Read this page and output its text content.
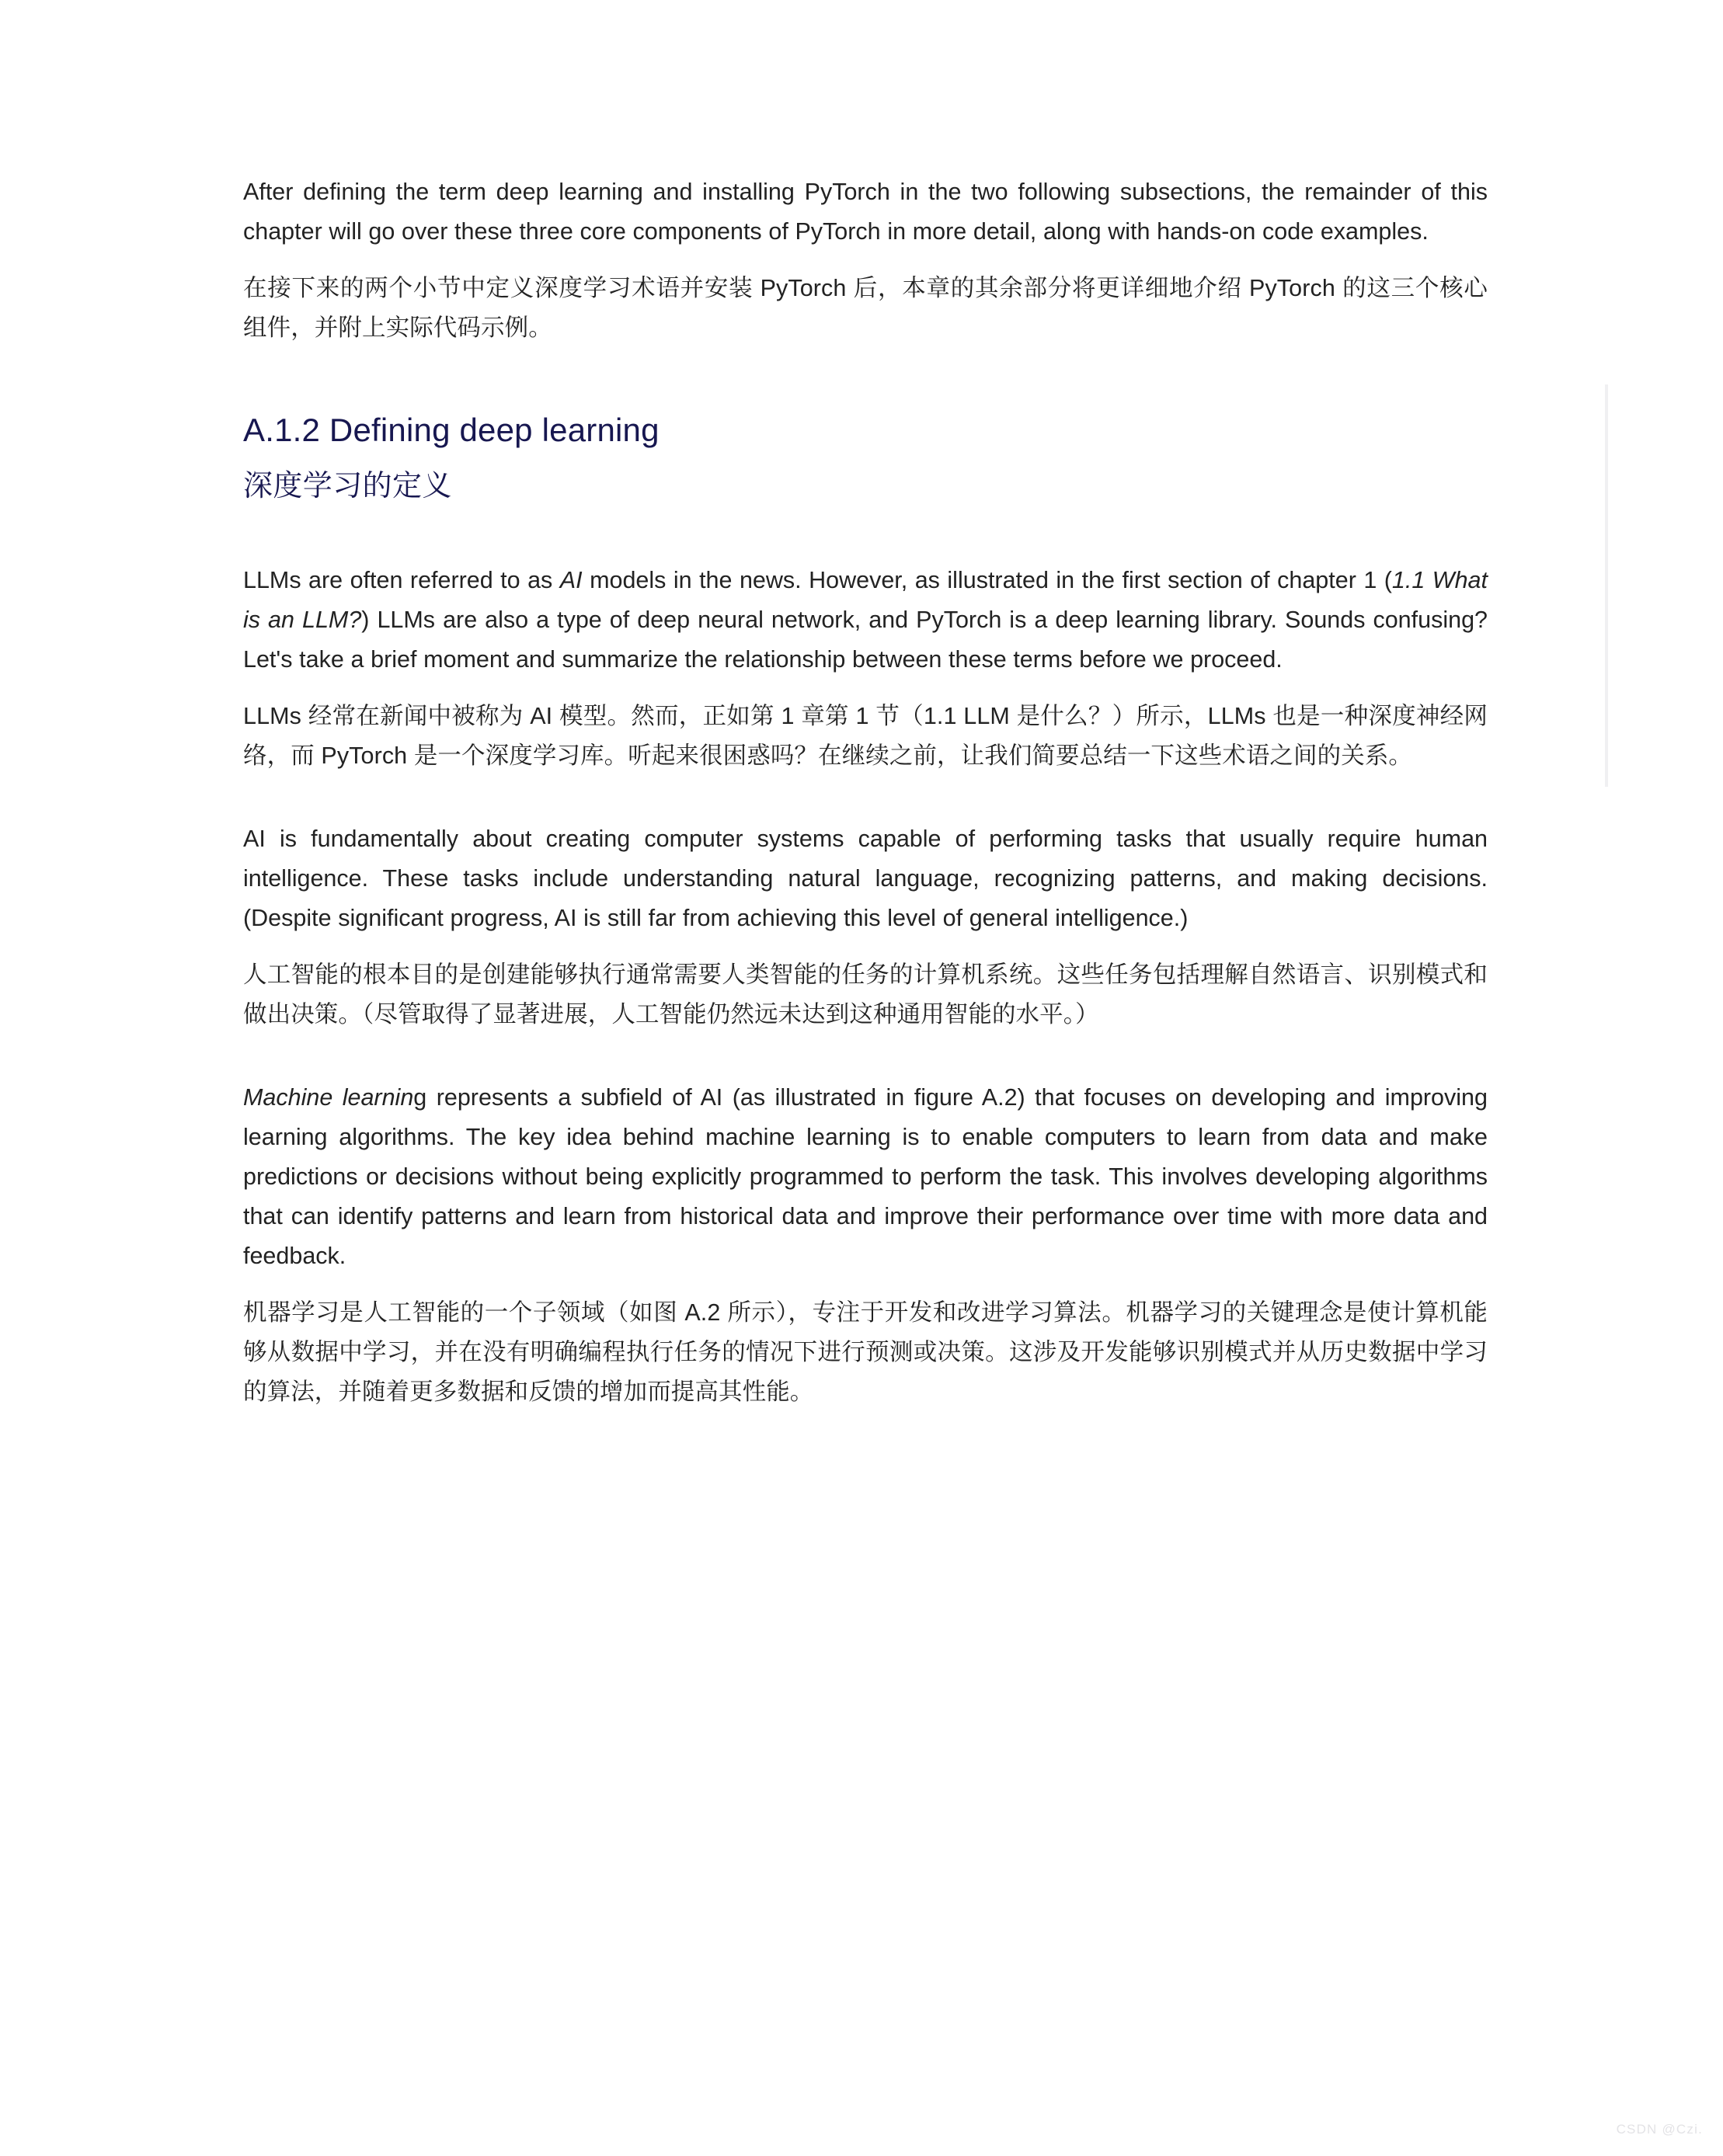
After defining the term deep learning and installing PyTorch in the two following subsections, the remainder of this chapter will go over these three core components of PyTorch in more detail, along with hands-on code examples.

在接下来的两个小节中定义深度学习术语并安装 PyTorch 后，本章的其余部分将更详细地介绍 PyTorch 的这三个核心组件，并附上实际代码示例。

A.1.2 Defining deep learning
深度学习的定义

LLMs are often referred to as AI models in the news. However, as illustrated in the first section of chapter 1 (1.1 What is an LLM?) LLMs are also a type of deep neural network, and PyTorch is a deep learning library. Sounds confusing? Let's take a brief moment and summarize the relationship between these terms before we proceed.

LLMs 经常在新闻中被称为 AI 模型。然而，正如第 1 章第 1 节（1.1 LLM 是什么？）所示，LLMs 也是一种深度神经网络，而 PyTorch 是一个深度学习库。听起来很困惑吗？在继续之前，让我们简要总结一下这些术语之间的关系。

AI is fundamentally about creating computer systems capable of performing tasks that usually require human intelligence. These tasks include understanding natural language, recognizing patterns, and making decisions. (Despite significant progress, AI is still far from achieving this level of general intelligence.)

人工智能的根本目的是创建能够执行通常需要人类智能的任务的计算机系统。这些任务包括理解自然语言、识别模式和做出决策。（尽管取得了显著进展，人工智能仍然远未达到这种通用智能的水平。）

Machine learning represents a subfield of AI (as illustrated in figure A.2) that focuses on developing and improving learning algorithms. The key idea behind machine learning is to enable computers to learn from data and make predictions or decisions without being explicitly programmed to perform the task. This involves developing algorithms that can identify patterns and learn from historical data and improve their performance over time with more data and feedback.

机器学习是人工智能的一个子领域（如图 A.2 所示），专注于开发和改进学习算法。机器学习的关键理念是使计算机能够从数据中学习，并在没有明确编程执行任务的情况下进行预测或决策。这涉及开发能够识别模式并从历史数据中学习的算法，并随着更多数据和反馈的增加而提高其性能。

CSDN @Czi.
